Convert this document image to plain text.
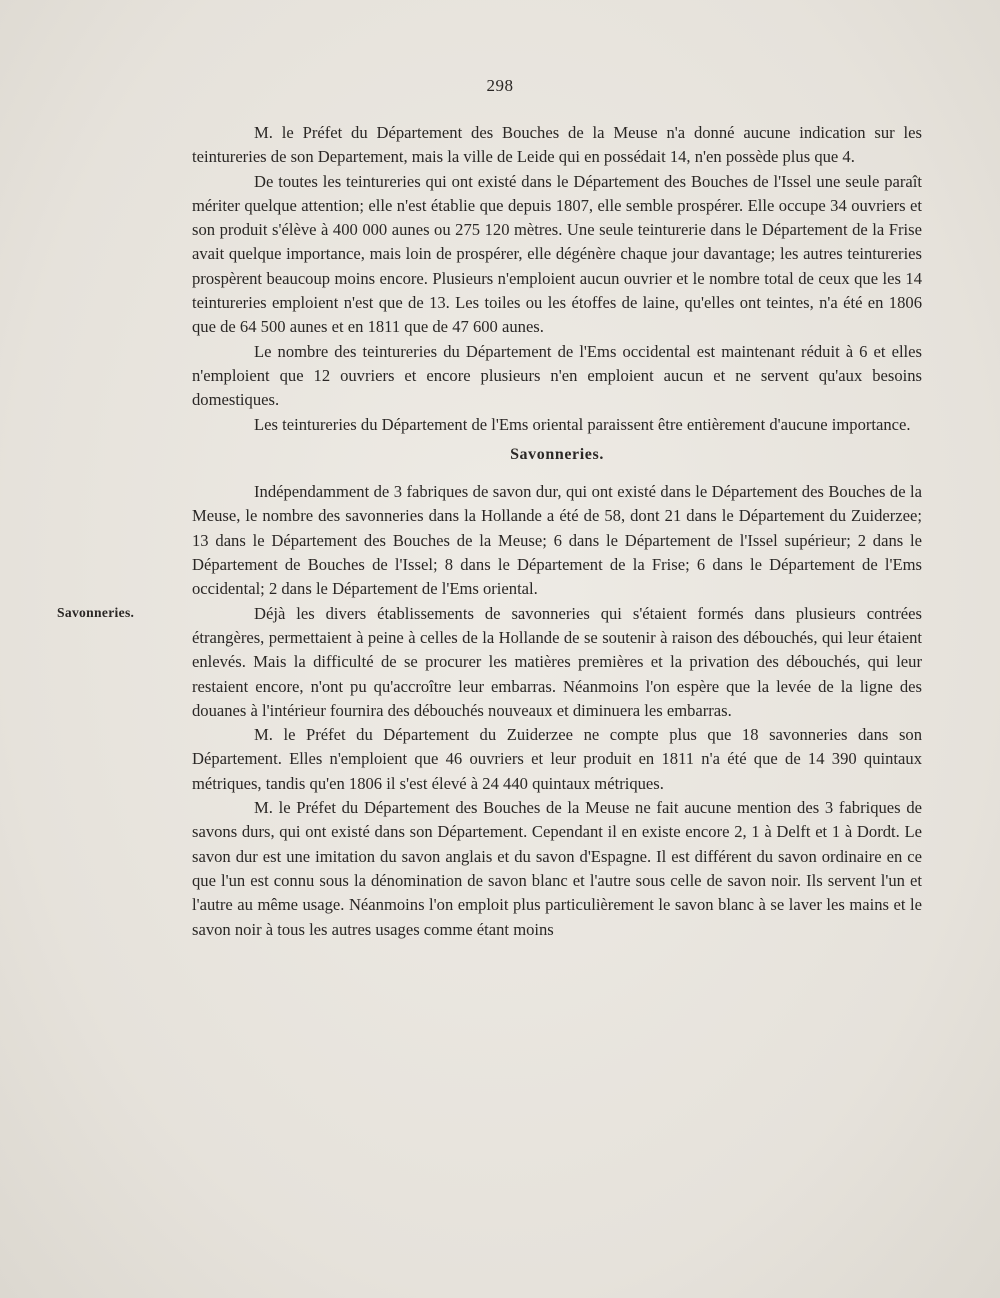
298
Savonneries.

M. le Préfet du Département des Bouches de la Meuse n'a donné aucune indication sur les teintureries de son Departement, mais la ville de Leide qui en possédait 14, n'en possède plus que 4.

De toutes les teintureries qui ont existé dans le Département des Bouches de l'Issel une seule paraît mériter quelque attention; elle n'est établie que depuis 1807, elle semble prospérer. Elle occupe 34 ouvriers et son produit s'élève à 400 000 aunes ou 275 120 mètres. Une seule teinturerie dans le Département de la Frise avait quelque importance, mais loin de prospérer, elle dégénère chaque jour davantage; les autres teintureries prospèrent beaucoup moins encore. Plusieurs n'emploient aucun ouvrier et le nombre total de ceux que les 14 teintureries emploient n'est que de 13. Les toiles ou les étoffes de laine, qu'elles ont teintes, n'a été en 1806 que de 64 500 aunes et en 1811 que de 47 600 aunes.

Le nombre des teintureries du Département de l'Ems occidental est maintenant réduit à 6 et elles n'emploient que 12 ouvriers et encore plusieurs n'en emploient aucun et ne servent qu'aux besoins domestiques.

Les teintureries du Département de l'Ems oriental paraissent être entièrement d'aucune importance.

Savonneries.

Indépendamment de 3 fabriques de savon dur, qui ont existé dans le Département des Bouches de la Meuse, le nombre des savonneries dans la Hollande a été de 58, dont 21 dans le Département du Zuiderzee; 13 dans le Département des Bouches de la Meuse; 6 dans le Département de l'Issel supérieur; 2 dans le Département de Bouches de l'Issel; 8 dans le Département de la Frise; 6 dans le Département de l'Ems occidental; 2 dans le Département de l'Ems oriental.

Déjà les divers établissements de savonneries qui s'étaient formés dans plusieurs contrées étrangères, permettaient à peine à celles de la Hollande de se soutenir à raison des débouchés, qui leur étaient enlevés. Mais la difficulté de se procurer les matières premières et la privation des débouchés, qui leur restaient encore, n'ont pu qu'accroître leur embarras. Néanmoins l'on espère que la levée de la ligne des douanes à l'intérieur fournira des débouchés nouveaux et diminuera les embarras.

M. le Préfet du Département du Zuiderzee ne compte plus que 18 savonneries dans son Département. Elles n'emploient que 46 ouvriers et leur produit en 1811 n'a été que de 14 390 quintaux métriques, tandis qu'en 1806 il s'est élevé à 24 440 quintaux métriques.

M. le Préfet du Département des Bouches de la Meuse ne fait aucune mention des 3 fabriques de savons durs, qui ont existé dans son Département. Cependant il en existe encore 2, 1 à Delft et 1 à Dordt. Le savon dur est une imitation du savon anglais et du savon d'Espagne. Il est différent du savon ordinaire en ce que l'un est connu sous la dénomination de savon blanc et l'autre sous celle de savon noir. Ils servent l'un et l'autre au même usage. Néanmoins l'on emploit plus particulièrement le savon blanc à se laver les mains et le savon noir à tous les autres usages comme étant moins
